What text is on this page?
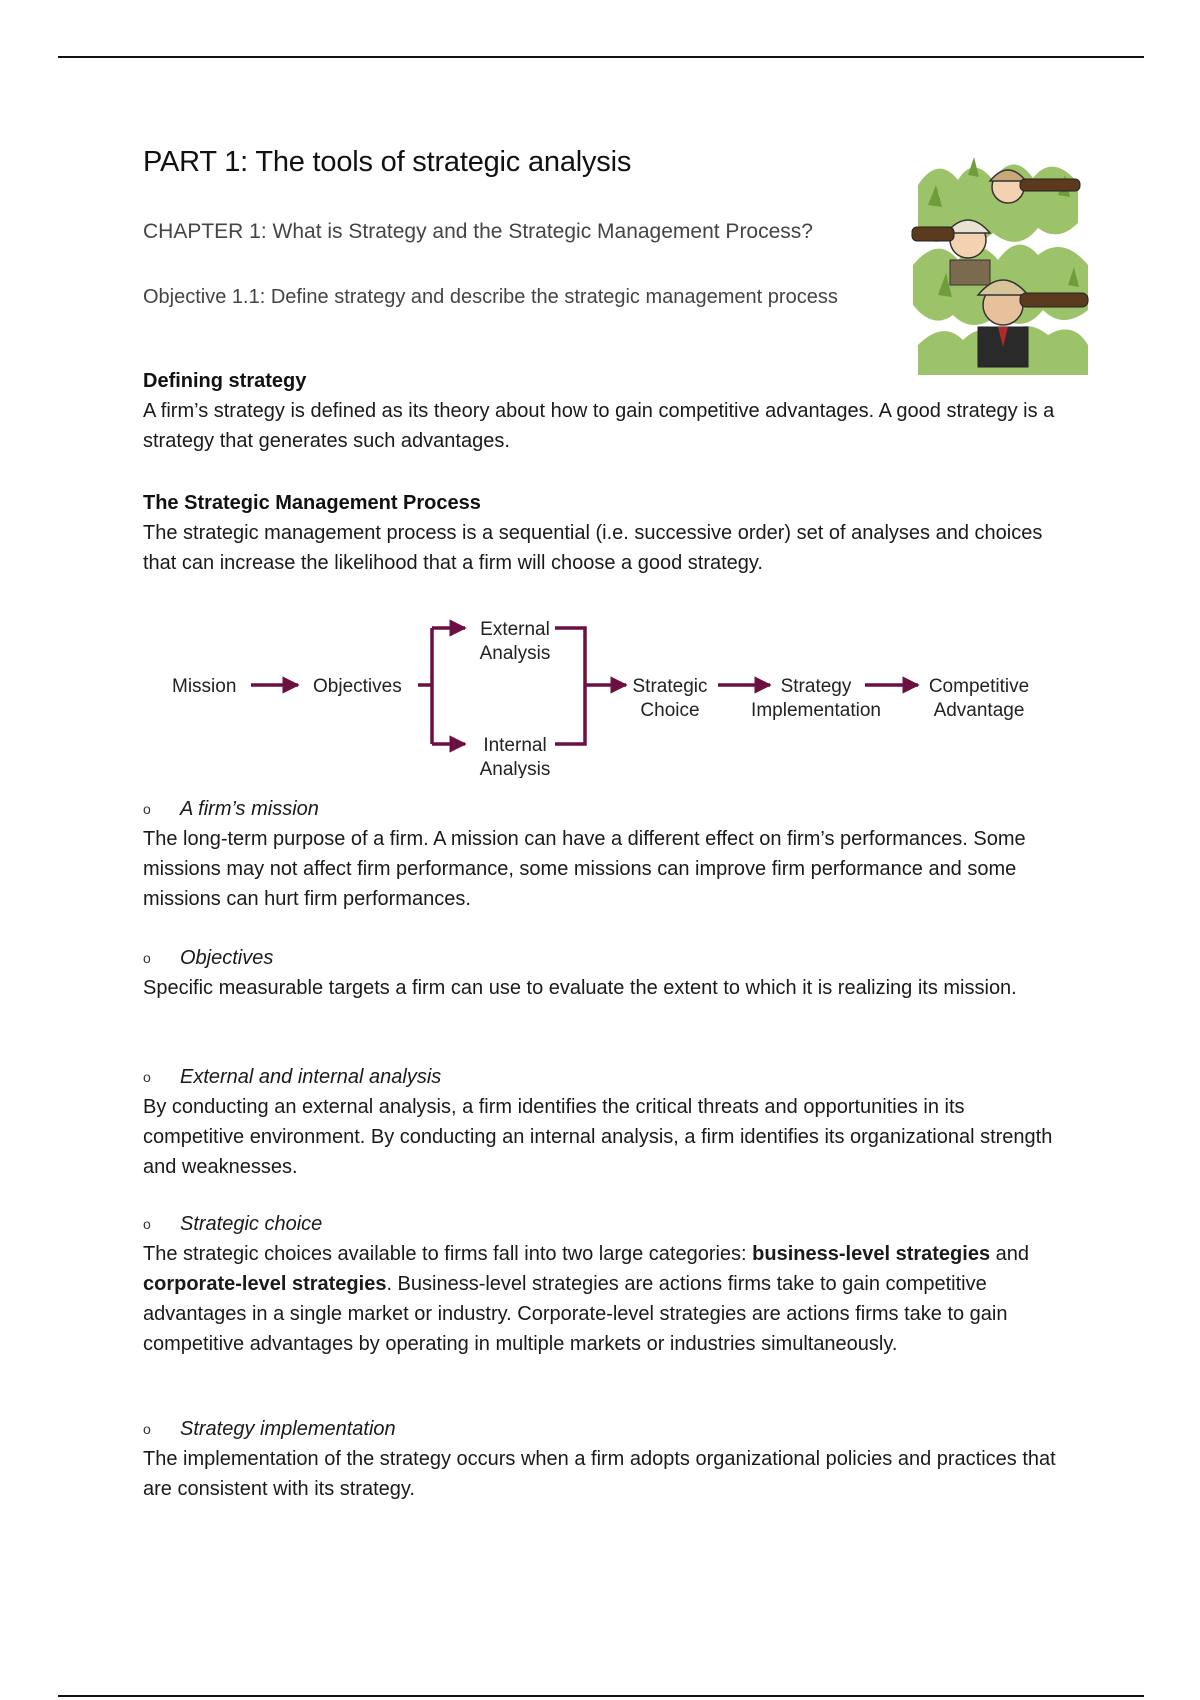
PART 1: The tools of strategic analysis
CHAPTER 1: What is Strategy and the Strategic Management Process?

Objective 1.1: Define strategy and describe the strategic management process

Defining strategy

A firm’s strategy is defined as its theory about how to gain competitive advantages. A good strategy is a strategy that generates such advantages.

The Strategic Management Process

The strategic management process is a sequential (i.e. successive order) set of analyses and choices that can increase the likelihood that a firm will choose a good strategy.

Mission	Objectives
External
Analysis
Internal
Analysis
Strategic
Choice
Strategy
Implementation
Competitive
Advantage
o	A firm’s mission

The long-term purpose of a firm. A mission can have a different effect on firm’s performances. Some missions may not affect firm performance, some missions can improve firm performance and some missions can hurt firm performances.

o	Objectives

Specific measurable targets a firm can use to evaluate the extent to which it is realizing its mission.

o	External and internal analysis

By conducting an external analysis, a firm identifies the critical threats and opportunities in its competitive environment. By conducting an internal analysis, a firm identifies its organizational strength and weaknesses.

o	Strategic choice

The strategic choices available to firms fall into two large categories: business-level strategies and corporate-level strategies. Business-level strategies are actions firms take to gain competitive advantages in a single market or industry. Corporate-level strategies are actions firms take to gain competitive advantages by operating in multiple markets or industries simultaneously.

o	Strategy implementation

The implementation of the strategy occurs when a firm adopts organizational policies and practices that are consistent with its strategy.
